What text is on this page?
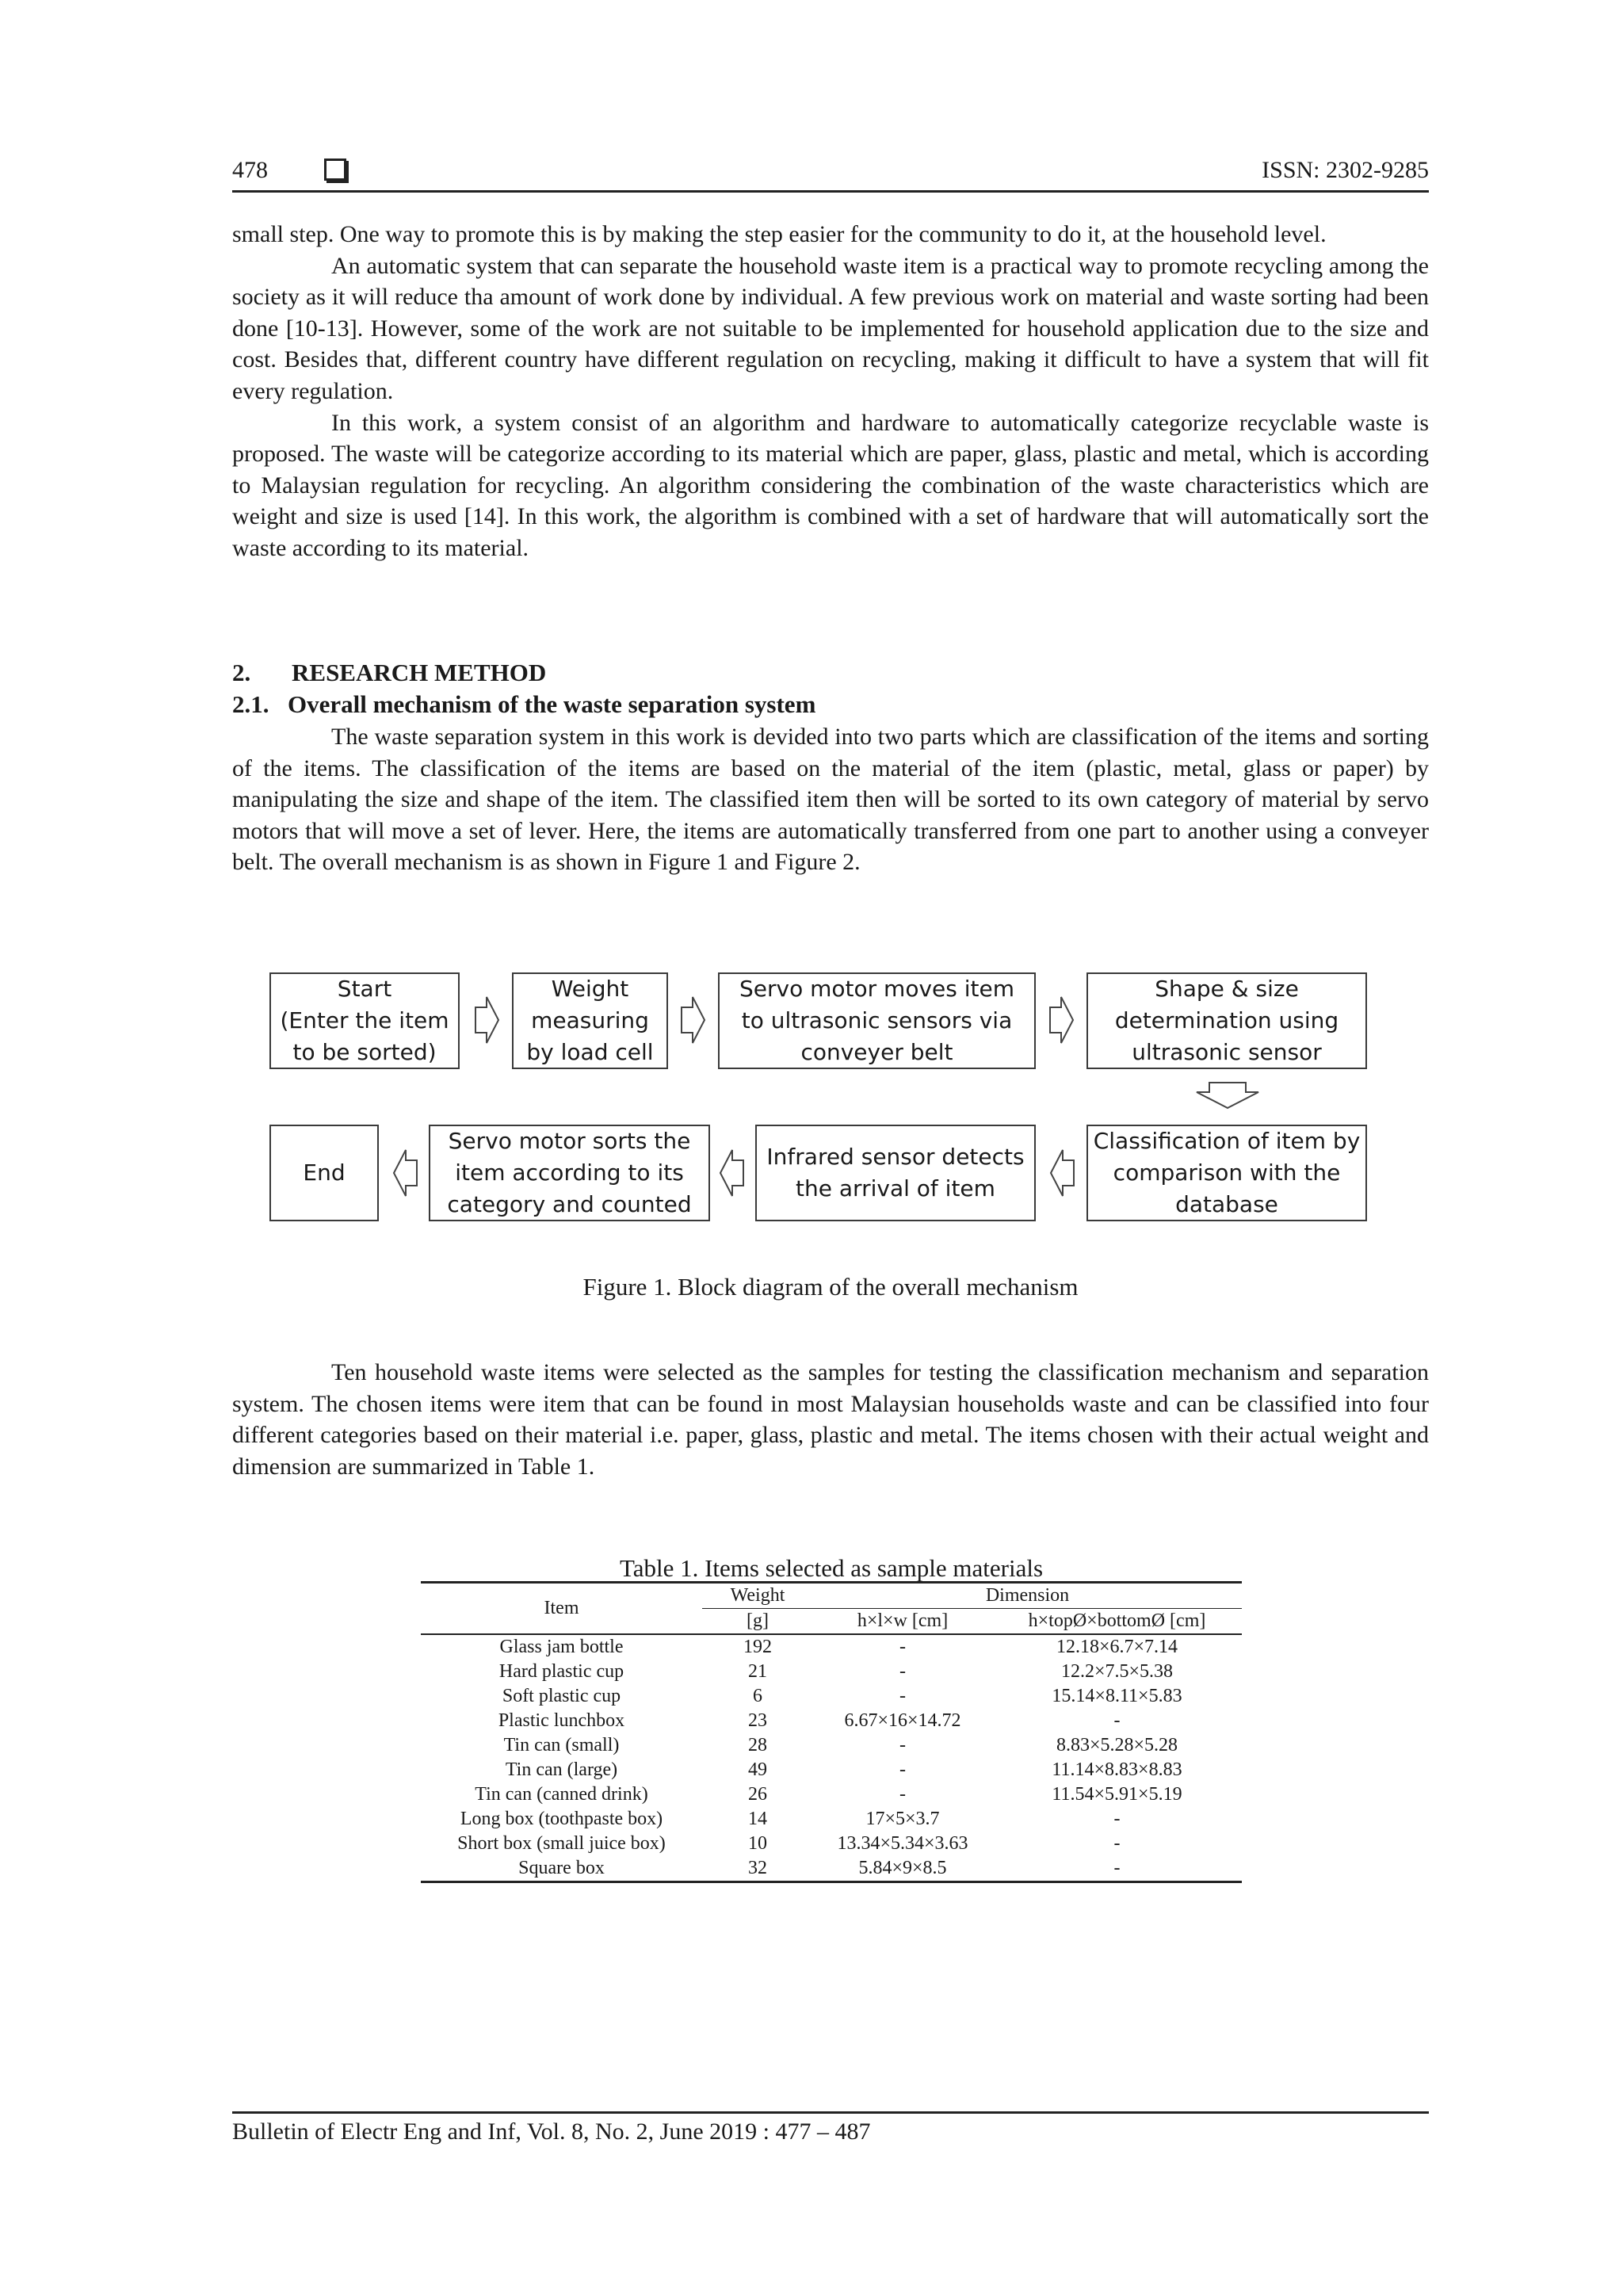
478	ISSN: 2302-9285

small step. One way to promote this is by making the step easier for the community to do it, at the household level.

An automatic system that can separate the household waste item is a practical way to promote recycling among the society as it will reduce tha amount of work done by individual. A few previous work on material and waste sorting had been done [10-13]. However, some of the work are not suitable to be implemented for household application due to the size and cost. Besides that, different country have different regulation on recycling, making it difficult to have a system that will fit every regulation.

In this work, a system consist of an algorithm and hardware to automatically categorize recyclable waste is proposed. The waste will be categorize according to its material which are paper, glass, plastic and metal, which is according to Malaysian regulation for recycling. An algorithm considering the combination of the waste characteristics which are weight and size is used [14]. In this work, the algorithm is combined with a set of hardware that will automatically sort the waste according to its material.

2. RESEARCH METHOD
2.1. Overall mechanism of the waste separation system

The waste separation system in this work is devided into two parts which are classification of the items and sorting of the items. The classification of the items are based on the material of the item (plastic, metal, glass or paper) by manipulating the size and shape of the item. The classified item then will be sorted to its own category of material by servo motors that will move a set of lever. Here, the items are automatically transferred from one part to another using a conveyer belt. The overall mechanism is as shown in Figure 1 and Figure 2.

Start
(Enter the item
to be sorted)
Weight
measuring
by load cell
Servo motor moves item
to ultrasonic sensors via
conveyer belt
Shape & size
determination using
ultrasonic sensor
End
Servo motor sorts the
item according to its
category and counted
Infrared sensor detects
the arrival of item
Classification of item by
comparison with the
database
Figure 1. Block diagram of the overall mechanism

Ten household waste items were selected as the samples for testing the classification mechanism and separation system. The chosen items were item that can be found in most Malaysian households waste and can be classified into four different categories based on their material i.e. paper, glass, plastic and metal. The items chosen with their actual weight and dimension are summarized in Table 1.

Table 1. Items selected as sample materials
Item	Weight	Dimension	
	[g]	h×l×w [cm]	h×topØ×bottomØ [cm]
Glass jam bottle	192	-	12.18×6.7×7.14
Hard plastic cup	21	-	12.2×7.5×5.38
Soft plastic cup	6	-	15.14×8.11×5.83
Plastic lunchbox	23	6.67×16×14.72	-
Tin can (small)	28	-	8.83×5.28×5.28
Tin can (large)	49	-	11.14×8.83×8.83
Tin can (canned drink)	26	-	11.54×5.91×5.19
Long box (toothpaste box)	14	17×5×3.7	-
Short box (small juice box)	10	13.34×5.34×3.63	-
Square box	32	5.84×9×8.5	-
Bulletin of Electr Eng and Inf, Vol. 8, No. 2, June 2019 : 477 – 487
